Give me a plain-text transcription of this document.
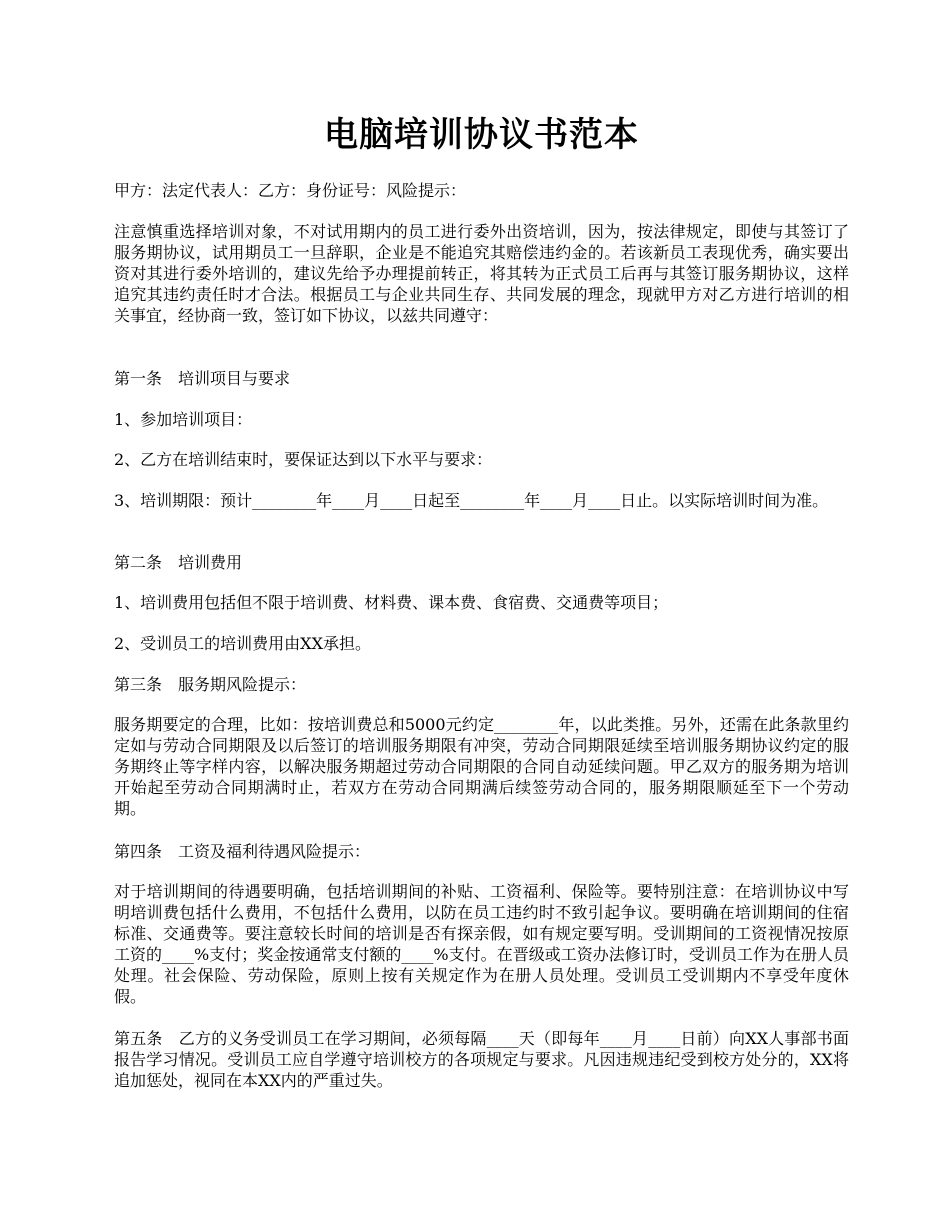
电脑培训协议书范本

甲方：法定代表人：乙方：身份证号：风险提示：

注意慎重选择培训对象，不对试用期内的员工进行委外出资培训，因为，按法律规定，即使与其签订了服务期协议，试用期员工一旦辞职，企业是不能追究其赔偿违约金的。若该新员工表现优秀，确实要出资对其进行委外培训的，建议先给予办理提前转正，将其转为正式员工后再与其签订服务期协议，这样追究其违约责任时才合法。根据员工与企业共同生存、共同发展的理念，现就甲方对乙方进行培训的相关事宜，经协商一致，签订如下协议，以兹共同遵守：

第一条　培训项目与要求

1、参加培训项目：

2、乙方在培训结束时，要保证达到以下水平与要求：

3、培训期限：预计________年____月____日起至________年____月____日止。以实际培训时间为准。

第二条　培训费用

1、培训费用包括但不限于培训费、材料费、课本费、食宿费、交通费等项目；

2、受训员工的培训费用由XX承担。

第三条　服务期风险提示：

服务期要定的合理，比如：按培训费总和5000元约定________年，以此类推。另外，还需在此条款里约定如与劳动合同期限及以后签订的培训服务期限有冲突，劳动合同期限延续至培训服务期协议约定的服务期终止等字样内容，以解决服务期超过劳动合同期限的合同自动延续问题。甲乙双方的服务期为培训开始起至劳动合同期满时止，若双方在劳动合同期满后续签劳动合同的，服务期限顺延至下一个劳动期。

第四条　工资及福利待遇风险提示：

对于培训期间的待遇要明确，包括培训期间的补贴、工资福利、保险等。要特别注意：在培训协议中写明培训费包括什么费用，不包括什么费用，以防在员工违约时不致引起争议。要明确在培训期间的住宿标准、交通费等。要注意较长时间的培训是否有探亲假，如有规定要写明。受训期间的工资视情况按原工资的____%支付；奖金按通常支付额的____%支付。在晋级或工资办法修订时，受训员工作为在册人员处理。社会保险、劳动保险，原则上按有关规定作为在册人员处理。受训员工受训期内不享受年度休假。

第五条　乙方的义务受训员工在学习期间，必须每隔____天（即每年____月____日前）向XX人事部书面报告学习情况。受训员工应自学遵守培训校方的各项规定与要求。凡因违规违纪受到校方处分的，XX将追加惩处，视同在本XX内的严重过失。
